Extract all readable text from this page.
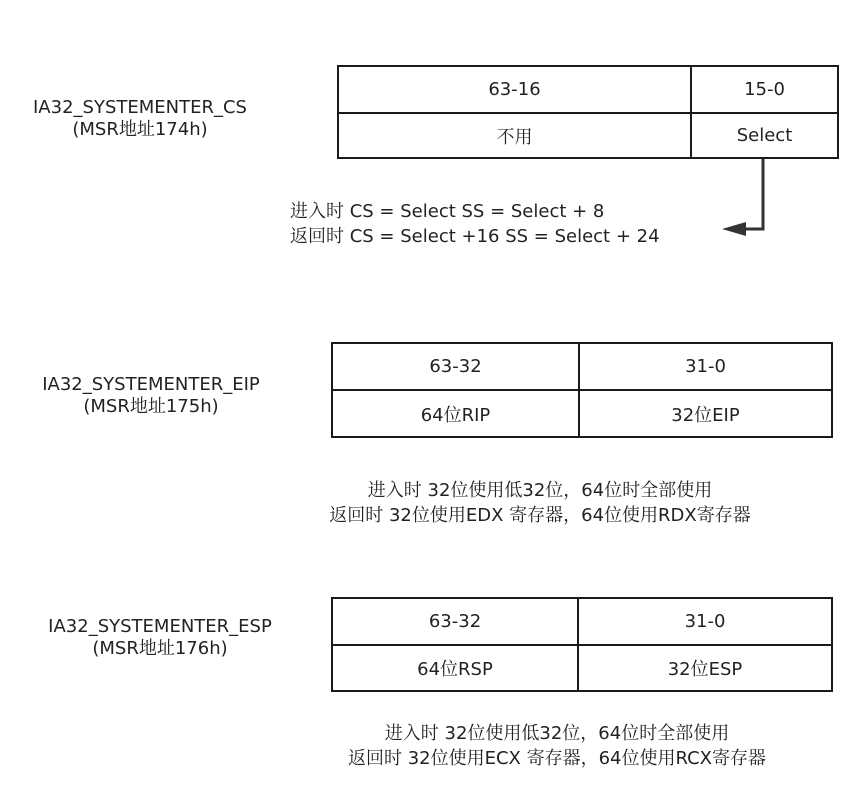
IA32_SYSTEMENTER_CS
(MSR地址174h)
63-16	15-0
不用	Select
进入时 CS = Select SS = Select + 8
返回时 CS = Select +16 SS = Select + 24
IA32_SYSTEMENTER_EIP
(MSR地址175h)
63-32	31-0
64位RIP	32位EIP
进入时 32位使用低32位，64位时全部使用
返回时 32位使用EDX 寄存器，64位使用RDX寄存器
IA32_SYSTEMENTER_ESP
(MSR地址176h)
63-32	31-0
64位RSP	32位ESP
进入时 32位使用低32位，64位时全部使用
返回时 32位使用ECX 寄存器，64位使用RCX寄存器
